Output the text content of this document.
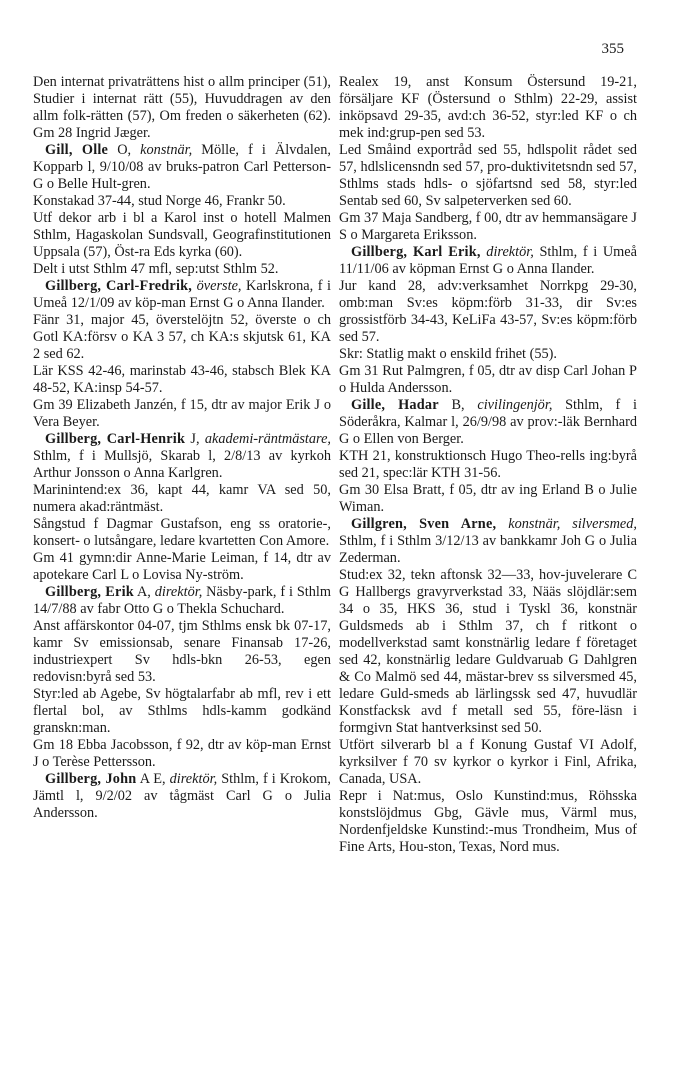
355

Den internat privaträttens hist o allm principer (51), Studier i internat rätt (55), Huvuddragen av den allm folk-rätten (57), Om freden o säkerheten (62). Gm 28 Ingrid Jæger.

Gill, Olle O, konstnär, Mölle, f i Älvdalen, Kopparb l, 9/10/08 av bruks-patron Carl Petterson-G o Belle Hult-gren.

Konstakad 37-44, stud Norge 46, Frankr 50.

Utf dekor arb i bl a Karol inst o hotell Malmen Sthlm, Hagaskolan Sundsvall, Geografinstitutionen Uppsala (57), Öst-ra Eds kyrka (60).

Delt i utst Sthlm 47 mfl, sep:utst Sthlm 52.

Gillberg, Carl-Fredrik, överste, Karlskrona, f i Umeå 12/1/09 av köp-man Ernst G o Anna Ilander.

Fänr 31, major 45, överstelöjtn 52, överste o ch Gotl KA:försv o KA 3 57, ch KA:s skjutsk 61, KA 2 sed 62.

Lär KSS 42-46, marinstab 43-46, stabsch Blek KA 48-52, KA:insp 54-57.

Gm 39 Elizabeth Janzén, f 15, dtr av major Erik J o Vera Beyer.

Gillberg, Carl-Henrik J, akademi-räntmästare, Sthlm, f i Mullsjö, Skarab l, 2/8/13 av kyrkoh Arthur Jonsson o Anna Karlgren.

Marinintend:ex 36, kapt 44, kamr VA sed 50, numera akad:räntmäst.

Sångstud f Dagmar Gustafson, eng ss oratorie-, konsert- o lutsångare, ledare kvartetten Con Amore.

Gm 41 gymn:dir Anne-Marie Leiman, f 14, dtr av apotekare Carl L o Lovisa Ny-ström.

Gillberg, Erik A, direktör, Näsby-park, f i Sthlm 14/7/88 av fabr Otto G o Thekla Schuchard.

Anst affärskontor 04-07, tjm Sthlms ensk bk 07-17, kamr Sv emissionsab, senare Finansab 17-26, industriexpert Sv hdls-bkn 26-53, egen redovisn:byrå sed 53.

Styr:led ab Agebe, Sv högtalarfabr ab mfl, rev i ett flertal bol, av Sthlms hdls-kamm godkänd granskn:man.

Gm 18 Ebba Jacobsson, f 92, dtr av köp-man Ernst J o Terèse Pettersson.

Gillberg, John A E, direktör, Sthlm, f i Krokom, Jämtl l, 9/2/02 av tågmäst Carl G o Julia Andersson.

Realex 19, anst Konsum Östersund 19-21, försäljare KF (Östersund o Sthlm) 22-29, assist inköpsavd 29-35, avd:ch 36-52, styr:led KF o ch mek ind:grup-pen sed 53.

Led Småind exportråd sed 55, hdlspolit rådet sed 57, hdlslicensndn sed 57, pro-duktivitetsndn sed 57, Sthlms stads hdls- o sjöfartsnd sed 58, styr:led Sentab sed 60, Sv salpeterverken sed 60.

Gm 37 Maja Sandberg, f 00, dtr av hemmansägare J S o Margareta Eriksson.

Gillberg, Karl Erik, direktör, Sthlm, f i Umeå 11/11/06 av köpman Ernst G o Anna Ilander.

Jur kand 28, adv:verksamhet Norrkpg 29-30, omb:man Sv:es köpm:förb 31-33, dir Sv:es grossistförb 34-43, KeLiFa 43-57, Sv:es köpm:förb sed 57.

Skr: Statlig makt o enskild frihet (55).

Gm 31 Rut Palmgren, f 05, dtr av disp Carl Johan P o Hulda Andersson.

Gille, Hadar B, civilingenjör, Sthlm, f i Söderåkra, Kalmar l, 26/9/98 av prov:-läk Bernhard G o Ellen von Berger.

KTH 21, konstruktionsch Hugo Theo-rells ing:byrå sed 21, spec:lär KTH 31-56.

Gm 30 Elsa Bratt, f 05, dtr av ing Erland B o Julie Wiman.

Gillgren, Sven Arne, konstnär, silversmed, Sthlm, f i Sthlm 3/12/13 av bankkamr Joh G o Julia Zederman.

Stud:ex 32, tekn aftonsk 32—33, hov-juvelerare C G Hallbergs gravyrverkstad 33, Nääs slöjdlär:sem 34 o 35, HKS 36, stud i Tyskl 36, konstnär Guldsmeds ab i Sthlm 37, ch f ritkont o modellverkstad samt konstnärlig ledare f företaget sed 42, konstnärlig ledare Guldvaruab G Dahlgren & Co Malmö sed 44, mästar-brev ss silversmed 45, ledare Guld-smeds ab lärlingssk sed 47, huvudlär Konstfacksk avd f metall sed 55, före-läsn i formgivn Stat hantverksinst sed 50.

Utfört silverarb bl a f Konung Gustaf VI Adolf, kyrksilver f 70 sv kyrkor o kyrkor i Finl, Afrika, Canada, USA.

Repr i Nat:mus, Oslo Kunstind:mus, Röhsska konstslöjdmus Gbg, Gävle mus, Värml mus, Nordenfjeldske Kunstind:-mus Trondheim, Mus of Fine Arts, Hou-ston, Texas, Nord mus.
